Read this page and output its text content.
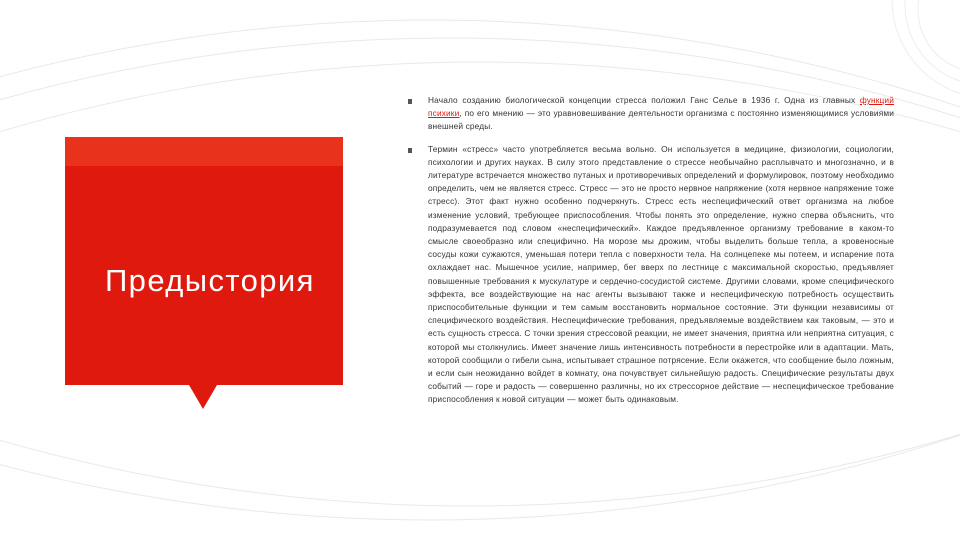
Предыстория
Начало созданию биологической концепции стресса положил Ганс Селье в 1936 г. Одна из главных функций психики, по его мнению — это уравновешивание деятельности организма с постоянно изменяющимися условиями внешней среды.
Термин «стресс» часто употребляется весьма вольно. Он используется в медицине, физиологии, социологии, психологии и других науках. В силу этого представление о стрессе необычайно расплывчато и многозначно, и в литературе встречается множество путаных и противоречивых определений и формулировок, поэтому необходимо определить, чем не является стресс. Стресс — это не просто нервное напряжение (хотя нервное напряжение тоже стресс). Этот факт нужно особенно подчеркнуть. Стресс есть неспецифический ответ организма на любое изменение условий, требующее приспособления. Чтобы понять это определение, нужно сперва объяснить, что подразумевается под словом «неспецифический». Каждое предъявленное организму требование в каком-то смысле своеобразно или специфично. На морозе мы дрожим, чтобы выделить больше тепла, а кровеносные сосуды кожи сужаются, уменьшая потери тепла с поверхности тела. На солнцепеке мы потеем, и испарение пота охлаждает нас. Мышечное усилие, например, бег вверх по лестнице с максимальной скоростью, предъявляет повышенные требования к мускулатуре и сердечно-сосудистой системе. Другими словами, кроме специфического эффекта, все воздействующие на нас агенты вызывают также и неспецифическую потребность осуществить приспособительные функции и тем самым восстановить нормальное состояние. Эти функции независимы от специфического воздействия. Неспецифические требования, предъявляемые воздействием как таковым, — это и есть сущность стресса. С точки зрения стрессовой реакции, не имеет значения, приятна или неприятна ситуация, с которой мы столкнулись. Имеет значение лишь интенсивность потребности в перестройке или в адаптации. Мать, которой сообщили о гибели сына, испытывает страшное потрясение. Если окажется, что сообщение было ложным, и если сын неожиданно войдет в комнату, она почувствует сильнейшую радость. Специфические результаты двух событий — горе и радость — совершенно различны, но их стрессорное действие — неспецифическое требование приспособления к новой ситуации — может быть одинаковым.
